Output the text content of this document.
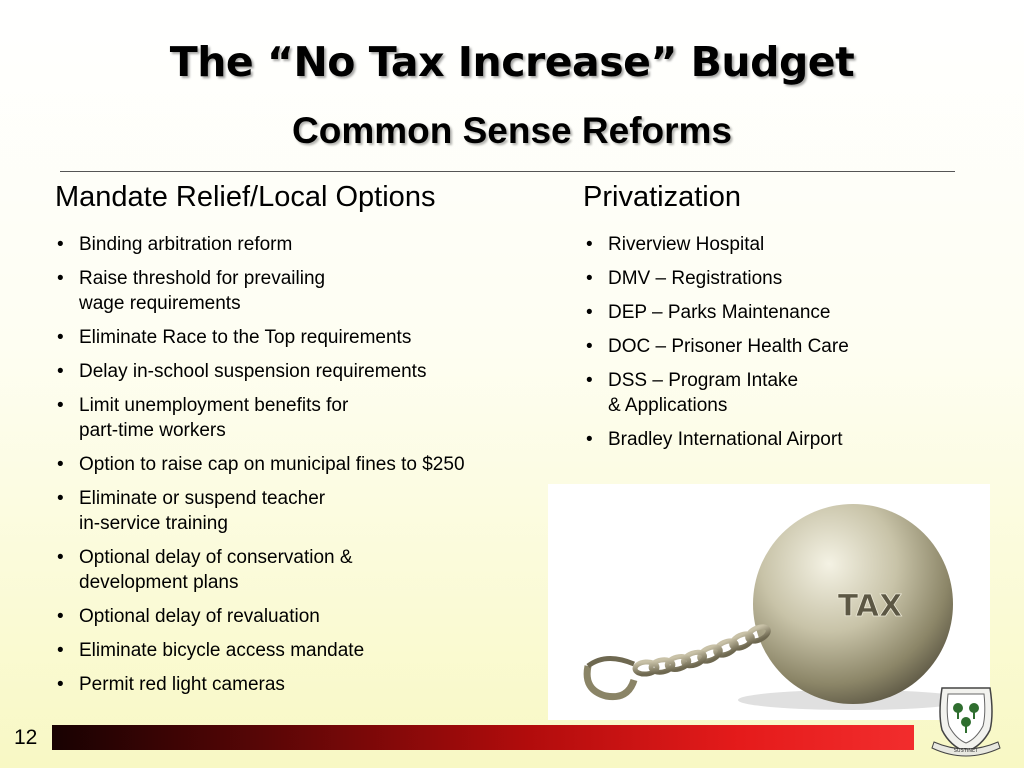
The “No Tax Increase” Budget
Common Sense Reforms
Mandate Relief/Local Options
• Binding arbitration reform
• Raise threshold for prevailing
wage requirements
• Eliminate Race to the Top requirements
• Delay in-school suspension requirements
• Limit unemployment benefits for
part-time workers
• Option to raise cap on municipal fines to $250
• Eliminate or suspend teacher
in-service training
• Optional delay of conservation &
development plans
• Optional delay of revaluation
• Eliminate bicycle access mandate
• Permit red light cameras
Privatization
• Riverview Hospital
• DMV – Registrations
• DEP – Parks Maintenance
• DOC – Prisoner Health Care
• DSS – Program Intake
& Applications
• Bradley International Airport
TAX
12
SUSTINET
